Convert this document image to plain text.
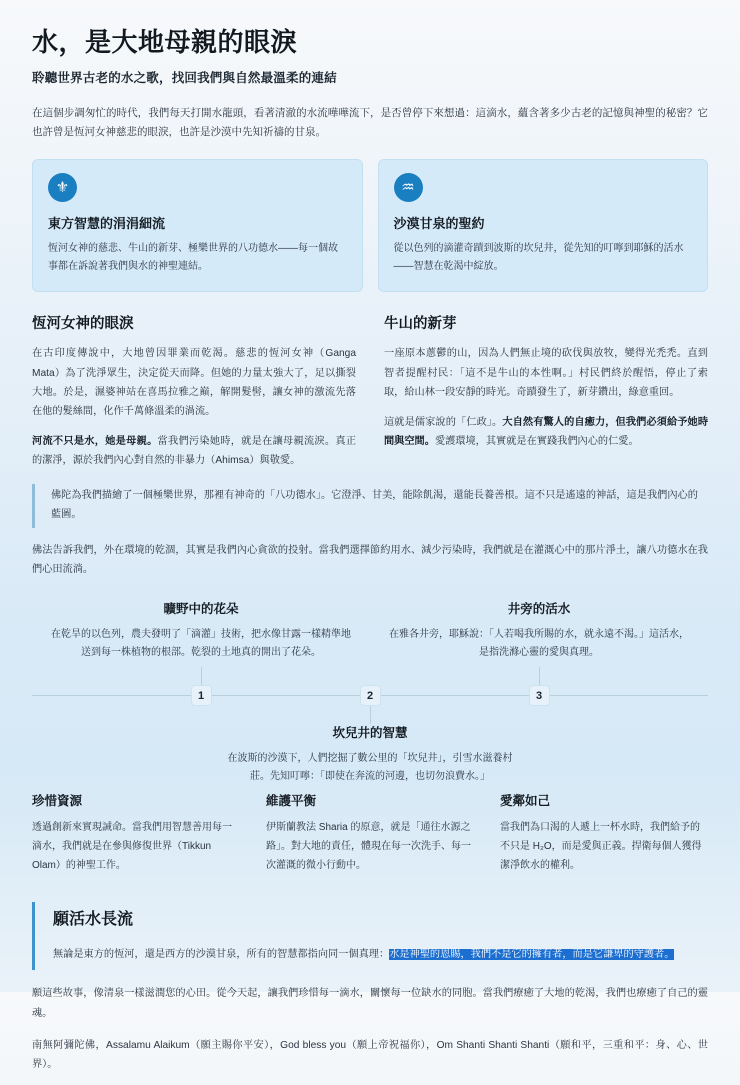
水，是大地母親的眼淚
聆聽世界古老的水之歌，找回我們與自然最溫柔的連結

在這個步調匆忙的時代，我們每天打開水龍頭，看著清澈的水流嘩嘩流下，是否曾停下來想過：這滴水，蘊含著多少古老的記憶與神聖的秘密？它也許曾是恆河女神慈悲的眼淚，也許是沙漠中先知祈禱的甘泉。

⚜
東方智慧的涓涓細流
恆河女神的慈悲、牛山的新芽、極樂世界的八功德水——每一個故事都在訴說著我們與水的神聖連結。
♒
沙漠甘泉的聖約
從以色列的滴灌奇蹟到波斯的坎兒井，從先知的叮嚀到耶穌的活水——智慧在乾渴中綻放。
恆河女神的眼淚

在古印度傳說中，大地曾因罪業而乾渴。慈悲的恆河女神（Ganga Mata）為了洗淨眾生，決定從天而降。但她的力量太強大了，足以撕裂大地。於是，濕婆神站在喜馬拉雅之巔，解開髮髻，讓女神的激流先落在他的髮絲間，化作千萬條溫柔的渦流。

河流不只是水，她是母親。當我們污染她時，就是在讓母親流淚。真正的潔淨，源於我們內心對自然的非暴力（Ahimsa）與敬愛。

牛山的新芽

一座原本蔥鬱的山，因為人們無止境的砍伐與放牧，變得光禿禿。直到智者提醒村民：「這不是牛山的本性啊。」村民們終於醒悟，停止了索取，給山林一段安靜的時光。奇蹟發生了，新芽鑽出，綠意重回。

這就是儒家說的「仁政」。大自然有驚人的自癒力，但我們必須給予她時間與空間。愛護環境，其實就是在實踐我們內心的仁愛。

佛陀為我們描繪了一個極樂世界，那裡有神奇的「八功德水」。它澄淨、甘美，能除飢渴，還能長養善根。這不只是遙遠的神話，這是我們內心的藍圖。

佛法告訴我們，外在環境的乾涸，其實是我們內心貪欲的投射。當我們選擇節約用水、減少污染時，我們就是在灌溉心中的那片淨土，讓八功德水在我們心田流淌。

曠野中的花朵
在乾旱的以色列，農夫發明了「滴灌」技術，把水像甘露一樣精準地送到每一株植物的根部。乾裂的土地真的開出了花朵。
1	2
坎兒井的智慧
在波斯的沙漠下，人們挖掘了數公里的「坎兒井」，引雪水滋養村莊。先知叮嚀：「即使在奔流的河邊，也切勿浪費水。」
井旁的活水
在雅各井旁，耶穌說：「人若喝我所賜的水，就永遠不渴。」這活水，是指洗滌心靈的愛與真理。
3
珍惜資源

透過創新來實現誡命。當我們用智慧善用每一滴水，我們就是在參與修復世界（Tikkun Olam）的神聖工作。

維護平衡

伊斯蘭教法 Sharia 的原意，就是「通往水源之路」。對大地的責任，體現在每一次洗手、每一次灌溉的微小行動中。

愛鄰如己

當我們為口渴的人遞上一杯水時，我們給予的不只是 H₂O，而是愛與正義。捍衛每個人獲得潔淨飲水的權利。

願活水長流

無論是東方的恆河，還是西方的沙漠甘泉，所有的智慧都指向同一個真理：水是神聖的恩賜，我們不是它的擁有者，而是它謙卑的守護者。

願這些故事，像清泉一樣滋潤您的心田。從今天起，讓我們珍惜每一滴水，關懷每一位缺水的同胞。當我們療癒了大地的乾渴，我們也療癒了自己的靈魂。

南無阿彌陀佛，Assalamu Alaikum（願主賜你平安），God bless you（願上帝祝福你），Om Shanti Shanti Shanti（願和平，三重和平：身、心、世界）。
